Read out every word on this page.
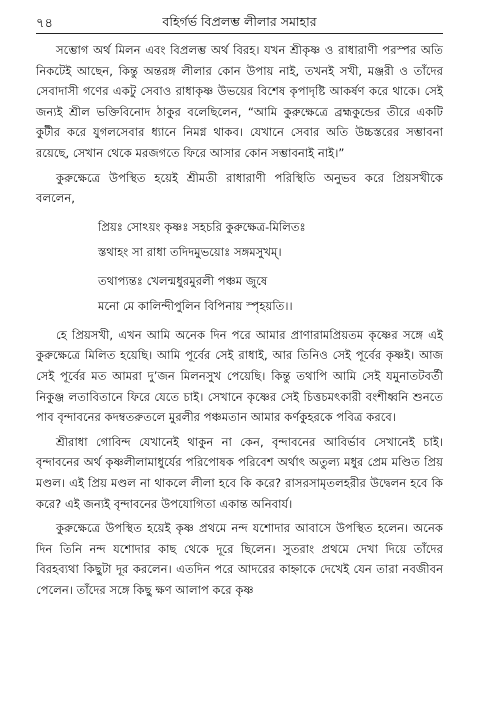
৭৪	বহিৰ্গর্ভ বিপ্রলম্ভ লীলার সমাহার

সম্ভোগ অর্থ মিলন এবং বিপ্রলম্ভ অর্থ বিরহ। যখন শ্রীকৃষ্ণ ও রাধারাণী পরস্পর অতি নিকটেই আছেন, কিন্তু অন্তরঙ্গ লীলার কোন উপায় নাই, তখনই সখী, মঞ্জরী ও তাঁদের সেবাদাসী গণের একটু সেবাও রাধাকৃষ্ণ উভয়ের বিশেষ কৃপাদৃষ্টি আকর্ষণ করে থাকে। সেই জন্যই শ্রীল ভক্তিবিনোদ ঠাকুর বলেছিলেন, “আমি কুরুক্ষেত্রে ব্রহ্মকুন্ডের তীরে একটি কুটীর করে যুগলসেবার ধ্যানে নিমগ্ন থাকব। যেখানে সেবার অতি উচ্চস্তরের সম্ভাবনা রয়েছে, সেখান থেকে মরজগতে ফিরে আসার কোন সম্ভাবনাই নাই।”

কুরুক্ষেত্রে উপস্থিত হয়েই শ্রীমতী রাধারাণী পরিস্থিতি অনুভব করে প্রিয়সখীকে বললেন,

প্রিয়ঃ সোঽয়ং কৃষ্ণঃ সহচরি কুরুক্ষেত্র-মিলিতঃ

স্তথাহং সা রাধা তদিদমুভয়োঃ সঙ্গমসুখম্।

তথাপ্যন্তঃ খেলন্মধুরমুরলী পঞ্চম জুষে

মনো মে কালিন্দীপুলিন বিপিনায় স্পৃহয়তি।।

হে প্রিয়সখী, এখন আমি অনেক দিন পরে আমার প্রাণারামপ্রিয়তম কৃষ্ণের সঙ্গে এই কুরুক্ষেত্রে মিলিত হয়েছি। আমি পূর্বের সেই রাধাই, আর তিনিও সেই পূর্বের কৃষ্ণই। আজ সেই পূর্বের মত আমরা দু’জন মিলনসুখ পেয়েছি। কিন্তু তথাপি আমি সেই যমুনাতটবর্তী নিকুঞ্জ লতাবিতানে ফিরে যেতে চাই। সেখানে কৃষ্ণের সেই চিত্তচমৎকারী বংশীধ্বনি শুনতে পাব বৃন্দাবনের কদম্বতরুতলে মুরলীর পঞ্চমতান আমার কর্ণকুহরকে পবিত্র করবে।

শ্রীরাধা গোবিন্দ যেখানেই থাকুন না কেন, বৃন্দাবনের আবির্ভাব সেখানেই চাই। বৃন্দাবনের অর্থ কৃষ্ণলীলামাধুর্যের পরিপোষক পরিবেশ অর্থাৎ অতুল্য মধুর প্রেম মণ্ডিত প্রিয় মণ্ডল। এই প্রিয় মণ্ডল না থাকলে লীলা হবে কি করে? রাসরসামৃতলহরীর উদ্বেলন হবে কি করে? এই জন্যই বৃন্দাবনের উপযোগিতা একান্ত অনিবার্য।

কুরুক্ষেত্রে উপস্থিত হয়েই কৃষ্ণ প্রথমে নন্দ যশোদার আবাসে উপস্থিত হলেন। অনেক দিন তিনি নন্দ যশোদার কাছ থেকে দূরে ছিলেন। সুতরাং প্রথমে দেখা দিয়ে তাঁদের বিরহব্যথা কিছুটা দূর করলেন। এতদিন পরে আদরের কাহ্নাকে দেখেই যেন তারা নবজীবন পেলেন। তাঁদের সঙ্গে কিছু ক্ষণ আলাপ করে কৃষ্ণ
